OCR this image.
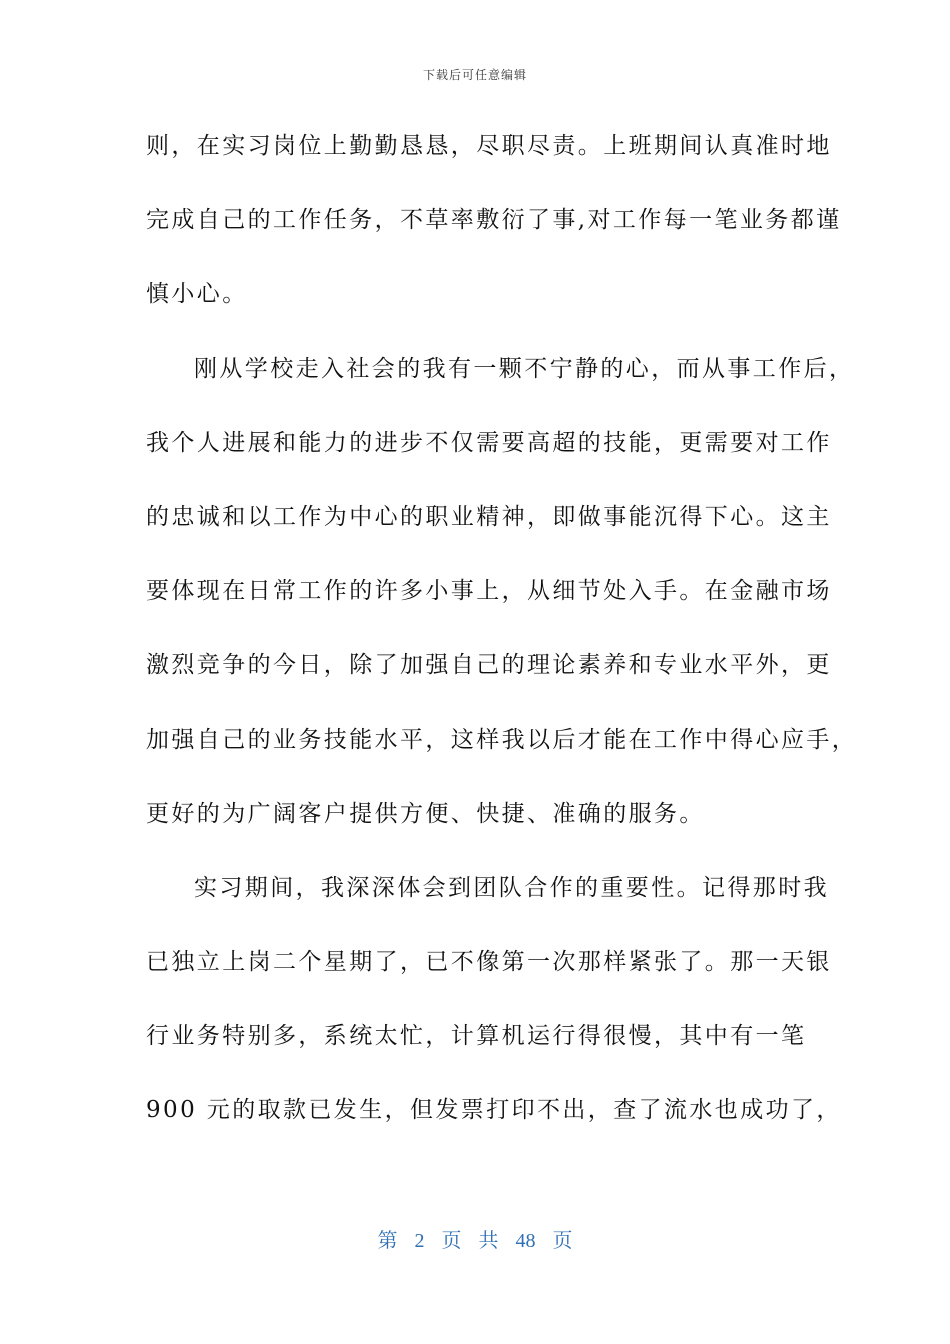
下载后可任意编辑
则，在实习岗位上勤勤恳恳，尽职尽责。上班期间认真准时地
完成自己的工作任务，不草率敷衍了事,对工作每一笔业务都谨
慎小心。
刚从学校走入社会的我有一颗不宁静的心，而从事工作后，
我个人进展和能力的进步不仅需要高超的技能，更需要对工作
的忠诚和以工作为中心的职业精神，即做事能沉得下心。这主
要体现在日常工作的许多小事上，从细节处入手。在金融市场
激烈竞争的今日，除了加强自己的理论素养和专业水平外，更
加强自己的业务技能水平，这样我以后才能在工作中得心应手，
更好的为广阔客户提供方便、快捷、准确的服务。
实习期间，我深深体会到团队合作的重要性。记得那时我
已独立上岗二个星期了，已不像第一次那样紧张了。那一天银
行业务特别多，系统太忙，计算机运行得很慢，其中有一笔
900 元的取款已发生，但发票打印不出，查了流水也成功了，
第 2 页 共 48 页
